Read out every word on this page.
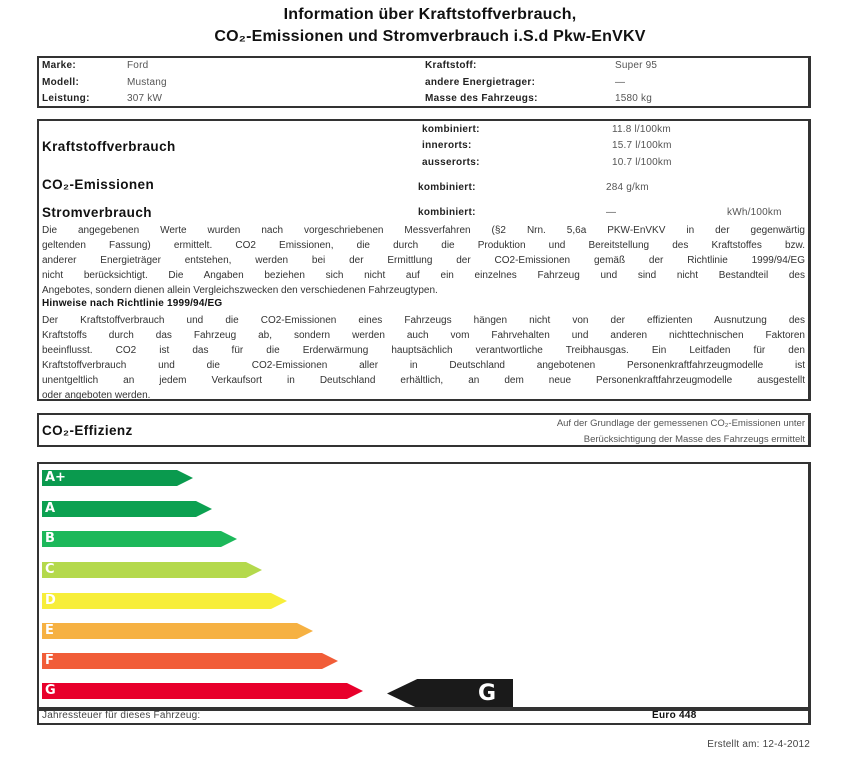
Information über Kraftstoffverbrauch,
CO₂-Emissionen und Stromverbrauch i.S.d Pkw-EnVKV
Marke:	Ford
Modell:	Mustang
Leistung:	307 kW
Kraftstoff:	Super 95
andere Energietrager:	—
Masse des Fahrzeugs:	1580 kg
Kraftstoffverbrauch
kombiniert:	11.8 l/100km
innerorts:	15.7 l/100km
ausserorts:	10.7 l/100km
CO₂-Emissionen	kombiniert:	284 g/km
Stromverbrauch	kombiniert:	—	kWh/100km
Die angegebenen Werte wurden nach vorgeschriebenen Messverfahren (§2 Nrn. 5,6a PKW-EnVKV in der gegenwärtig
geltenden Fassung) ermittelt. CO2 Emissionen, die durch die Produktion und Bereitstellung des Kraftstoffes bzw.
anderer Energieträger entstehen, werden bei der Ermittlung der CO2-Emissionen gemäß der Richtlinie 1999/94/EG
nicht berücksichtigt. Die Angaben beziehen sich nicht auf ein einzelnes Fahrzeug und sind nicht Bestandteil des
Angebotes, sondern dienen allein Vergleichszwecken den verschiedenen Fahrzeugtypen.
Hinweise nach Richtlinie 1999/94/EG
Der Kraftstoffverbrauch und die CO2-Emissionen eines Fahrzeugs hängen nicht von der effizienten Ausnutzung des
Kraftstoffs durch das Fahrzeug ab, sondern werden auch vom Fahrvehalten und anderen nichttechnischen Faktoren
beeinflusst. CO2 ist das für die Erderwärmung hauptsächlich verantwortliche Treibhausgas. Ein Leitfaden für den
Kraftstoffverbrauch und die CO2-Emissionen aller in Deutschland angebotenen Personenkraftfahrzeugmodelle ist
unentgeltlich an jedem Verkaufsort in Deutschland erhältlich, an dem neue Personenkraftfahrzeugmodelle ausgestellt
oder angeboten werden.
CO₂-Effizienz	Auf der Grundlage der gemessenen CO₂-Emissionen unter
Berücksichtigung der Masse des Fahrzeugs ermittelt
A+
A
B
C
D
E
F
G	G
Jahressteuer für dieses Fahrzeug:	Euro 448
Erstellt am: 12-4-2012
